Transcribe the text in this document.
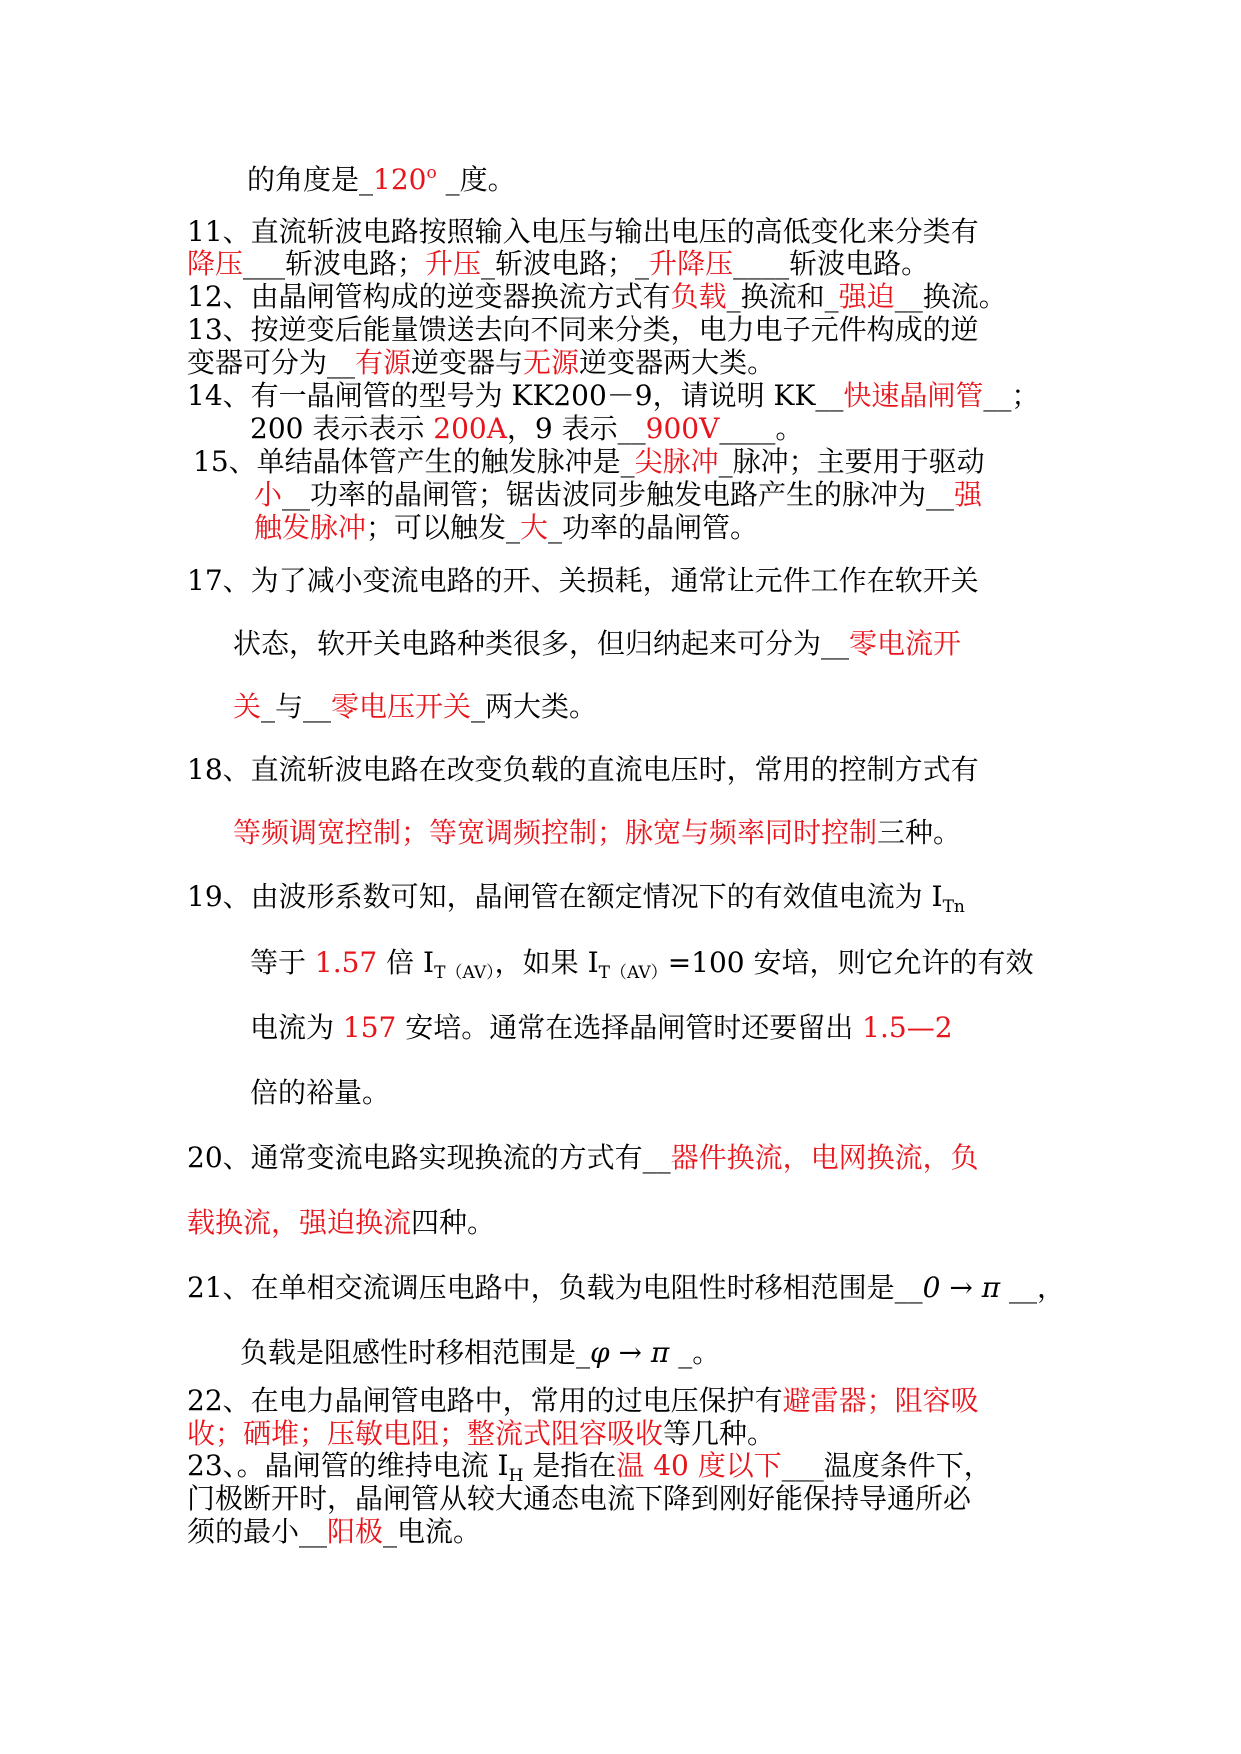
的角度是_120$^o$ _度。
11、直流斩波电路按照输入电压与输出电压的高低变化来分类有
降压___斩波电路；升压_斩波电路；_升降压____斩波电路。
12、由晶闸管构成的逆变器换流方式有负载_换流和_强迫__换流。
13、按逆变后能量馈送去向不同来分类，电力电子元件构成的逆
变器可分为__有源逆变器与无源逆变器两大类。
14、有一晶闸管的型号为 KK200－9，请说明 KK__快速晶闸管__；
200 表示表示 200A，9 表示__900V____。
15、单结晶体管产生的触发脉冲是_尖脉冲_脉冲；主要用于驱动
小__功率的晶闸管；锯齿波同步触发电路产生的脉冲为__强
触发脉冲；可以触发_大_功率的晶闸管。
17、为了减小变流电路的开、关损耗，通常让元件工作在软开关
状态，软开关电路种类很多，但归纳起来可分为__零电流开
关_与__零电压开关_两大类。
18、直流斩波电路在改变负载的直流电压时，常用的控制方式有
等频调宽控制；等宽调频控制；脉宽与频率同时控制三种。
19、由波形系数可知，晶闸管在额定情况下的有效值电流为 $I_{Tn}$
等于 1.57 倍 $I_{T(AV)}$，如果 $I_{T(AV)}=100$ 安培，则它允许的有效
电流为 157 安培。通常在选择晶闸管时还要留出 1.5—2
倍的裕量。
20、通常变流电路实现换流的方式有__器件换流，电网换流，负
载换流，强迫换流四种。
21、在单相交流调压电路中，负载为电阻性时移相范围是__0 → π __，
负载是阻感性时移相范围是_φ → π _。
22、在电力晶闸管电路中，常用的过电压保护有避雷器；阻容吸
收；硒堆；压敏电阻；整流式阻容吸收等几种。
23、。晶闸管的维持电流 $I_H$ 是指在温 40 度以下___温度条件下，
门极断开时，晶闸管从较大通态电流下降到刚好能保持导通所必
须的最小__阳极_电流。
